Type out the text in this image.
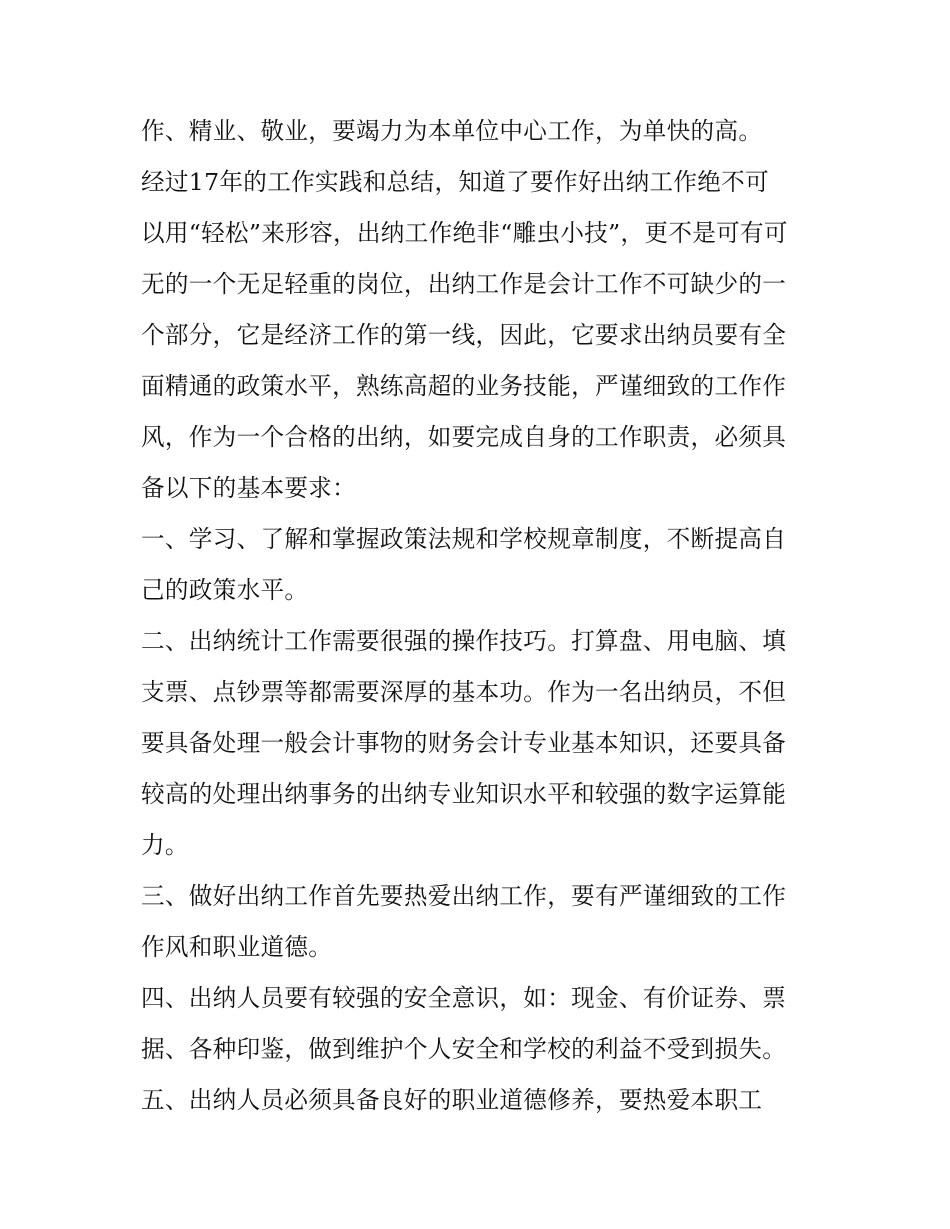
作、精业、敬业，要竭力为本单位中心工作，为单快的高。
经过17年的工作实践和总结，知道了要作好出纳工作绝不可
以用“轻松”来形容，出纳工作绝非“雕虫小技”，更不是可有可
无的一个无足轻重的岗位，出纳工作是会计工作不可缺少的一
个部分，它是经济工作的第一线，因此，它要求出纳员要有全
面精通的政策水平，熟练高超的业务技能，严谨细致的工作作
风，作为一个合格的出纳，如要完成自身的工作职责，必须具
备以下的基本要求：
一、学习、了解和掌握政策法规和学校规章制度，不断提高自
己的政策水平。
二、出纳统计工作需要很强的操作技巧。打算盘、用电脑、填
支票、点钞票等都需要深厚的基本功。作为一名出纳员，不但
要具备处理一般会计事物的财务会计专业基本知识，还要具备
较高的处理出纳事务的出纳专业知识水平和较强的数字运算能
力。
三、做好出纳工作首先要热爱出纳工作，要有严谨细致的工作
作风和职业道德。
四、出纳人员要有较强的安全意识，如：现金、有价证券、票
据、各种印鉴，做到维护个人安全和学校的利益不受到损失。
五、出纳人员必须具备良好的职业道德修养，要热爱本职工
